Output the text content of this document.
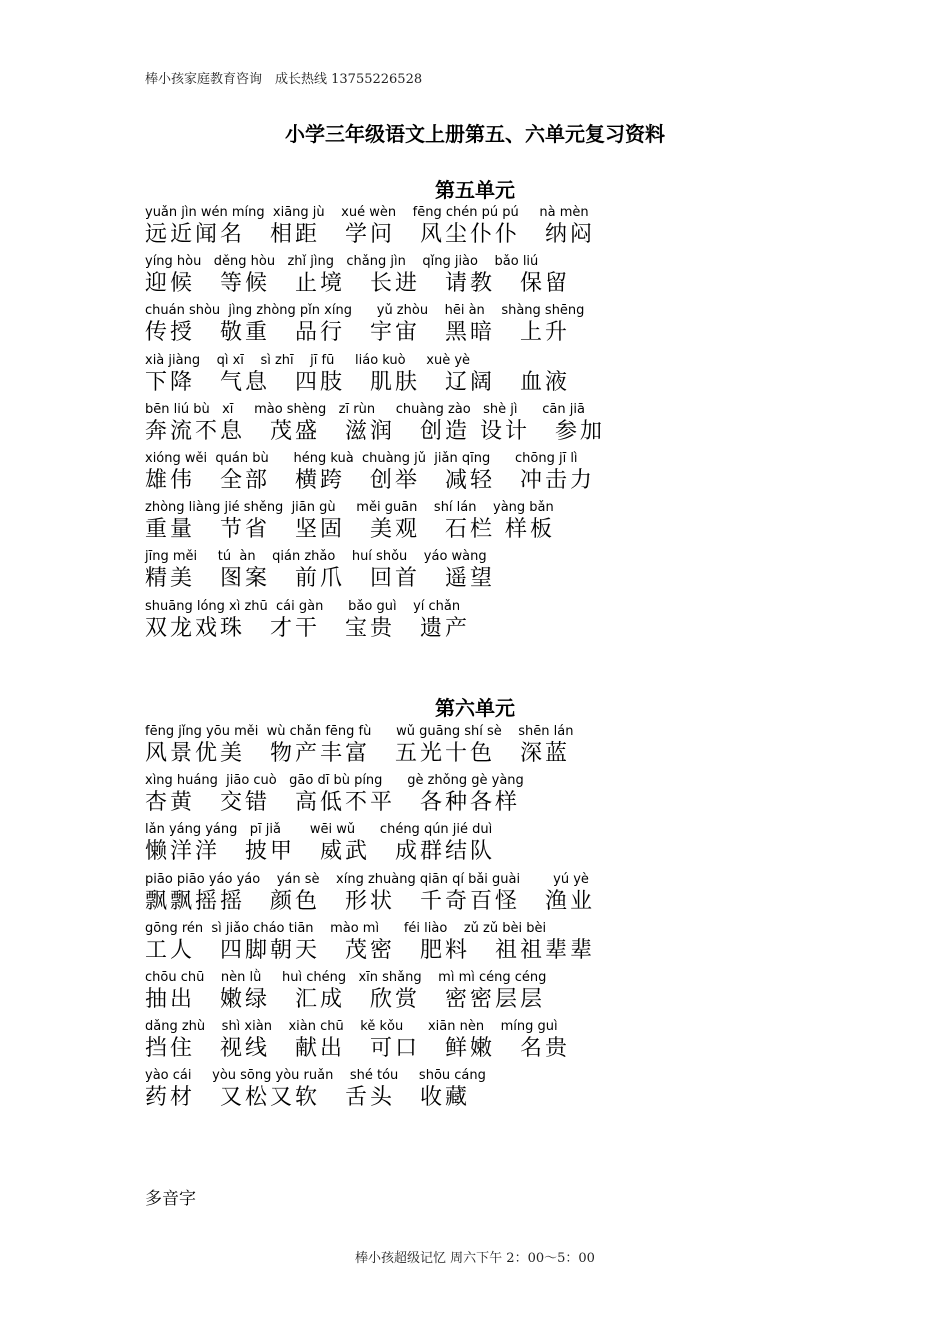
棒小孩家庭教育咨询　成长热线 13755226528
小学三年级语文上册第五、六单元复习资料
第五单元
yuǎn jìn wén míng  xiāng jù    xué wèn    fēng chén pú pú     nà mèn
远近闻名　相距　学问　风尘仆仆　纳闷
yíng hòu   děng hòu   zhǐ jìng   chǎng jìn    qǐng jiào    bǎo liú
迎候　等候　止境　长进　请教　保留
chuán shòu  jìng zhòng pǐn xíng      yǔ zhòu    hēi àn    shàng shēng
传授　敬重　品行　宇宙　黑暗　上升
xià jiàng    qì xī    sì zhī    jī fū     liáo kuò     xuè yè
下降　气息　四肢　肌肤　辽阔　血液
bēn liú bù   xī     mào shèng   zī rùn     chuàng zào   shè jì      cān jiā
奔流不息　茂盛　滋润　创造 设计　参加
xióng wěi  quán bù      héng kuà  chuàng jǔ  jiǎn qīng      chōng jī lì
雄伟　全部　横跨　创举　减轻　冲击力
zhòng liàng jié shěng  jiān gù     měi guān    shí lán    yàng bǎn
重量　节省　坚固　美观　石栏 样板
jīng měi     tú  àn    qián zhǎo    huí shǒu    yáo wàng
精美　图案　前爪　回首　遥望
shuāng lóng xì zhū  cái gàn      bǎo guì    yí chǎn
双龙戏珠　才干　宝贵　遗产
第六单元
fēng jǐng yōu měi  wù chǎn fēng fù      wǔ guāng shí sè    shēn lán
风景优美　物产丰富　五光十色　深蓝
xìng huáng  jiāo cuò   gāo dī bù píng      gè zhǒng gè yàng
杏黄　交错　高低不平　各种各样
lǎn yáng yáng   pī jiǎ       wēi wǔ      chéng qún jié duì
懒洋洋　披甲　威武　成群结队
piāo piāo yáo yáo    yán sè    xíng zhuàng qiān qí bǎi guài        yú yè
飘飘摇摇　颜色　形状　千奇百怪　渔业
gōng rén  sì jiǎo cháo tiān    mào mì      féi liào    zǔ zǔ bèi bèi
工人　四脚朝天　茂密　肥料　祖祖辈辈
chōu chū    nèn lǜ     huì chéng   xīn shǎng    mì mì céng céng
抽出　嫩绿　汇成　欣赏　密密层层
dǎng zhù    shì xiàn    xiàn chū    kě kǒu      xiān nèn    míng guì
挡住　视线　献出　可口　鲜嫩　名贵
yào cái     yòu sōng yòu ruǎn    shé tóu     shōu cáng
药材　又松又软　舌头　收藏
多音字
棒小孩超级记忆 周六下午 2：00～5：00
